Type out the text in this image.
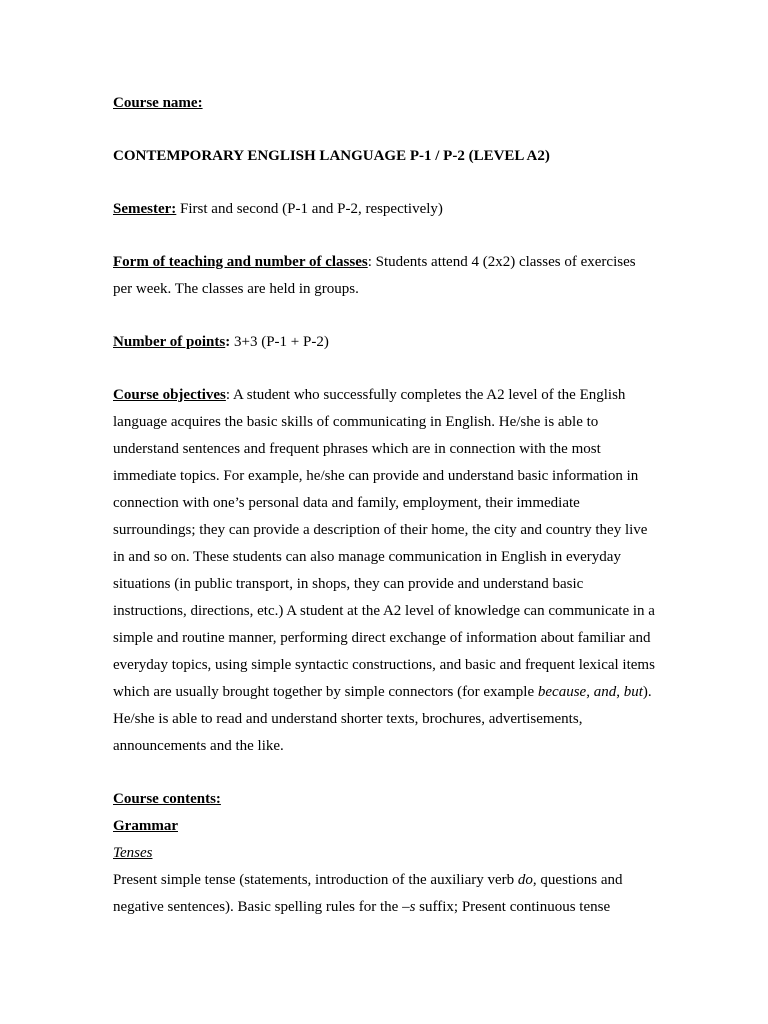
Course name:

CONTEMPORARY ENGLISH LANGUAGE P-1 / P-2 (LEVEL A2)

Semester: First and second (P-1 and P-2, respectively)

Form of teaching and number of classes: Students attend 4 (2x2) classes of exercises per week. The classes are held in groups.

Number of points: 3+3 (P-1 + P-2)

Course objectives: A student who successfully completes the A2 level of the English language acquires the basic skills of communicating in English. He/she is able to understand sentences and frequent phrases which are in connection with the most immediate topics. For example, he/she can provide and understand basic information in connection with one’s personal data and family, employment, their immediate surroundings; they can provide a description of their home, the city and country they live in and so on. These students can also manage communication in English in everyday situations (in public transport, in shops, they can provide and understand basic instructions, directions, etc.) A student at the A2 level of knowledge can communicate in a simple and routine manner, performing direct exchange of information about familiar and everyday topics, using simple syntactic constructions, and basic and frequent lexical items which are usually brought together by simple connectors (for example because, and, but). He/she is able to read and understand shorter texts, brochures, advertisements, announcements and the like.

Course contents:

Grammar

Tenses

Present simple tense (statements, introduction of the auxiliary verb do, questions and negative sentences). Basic spelling rules for the –s suffix; Present continuous tense
